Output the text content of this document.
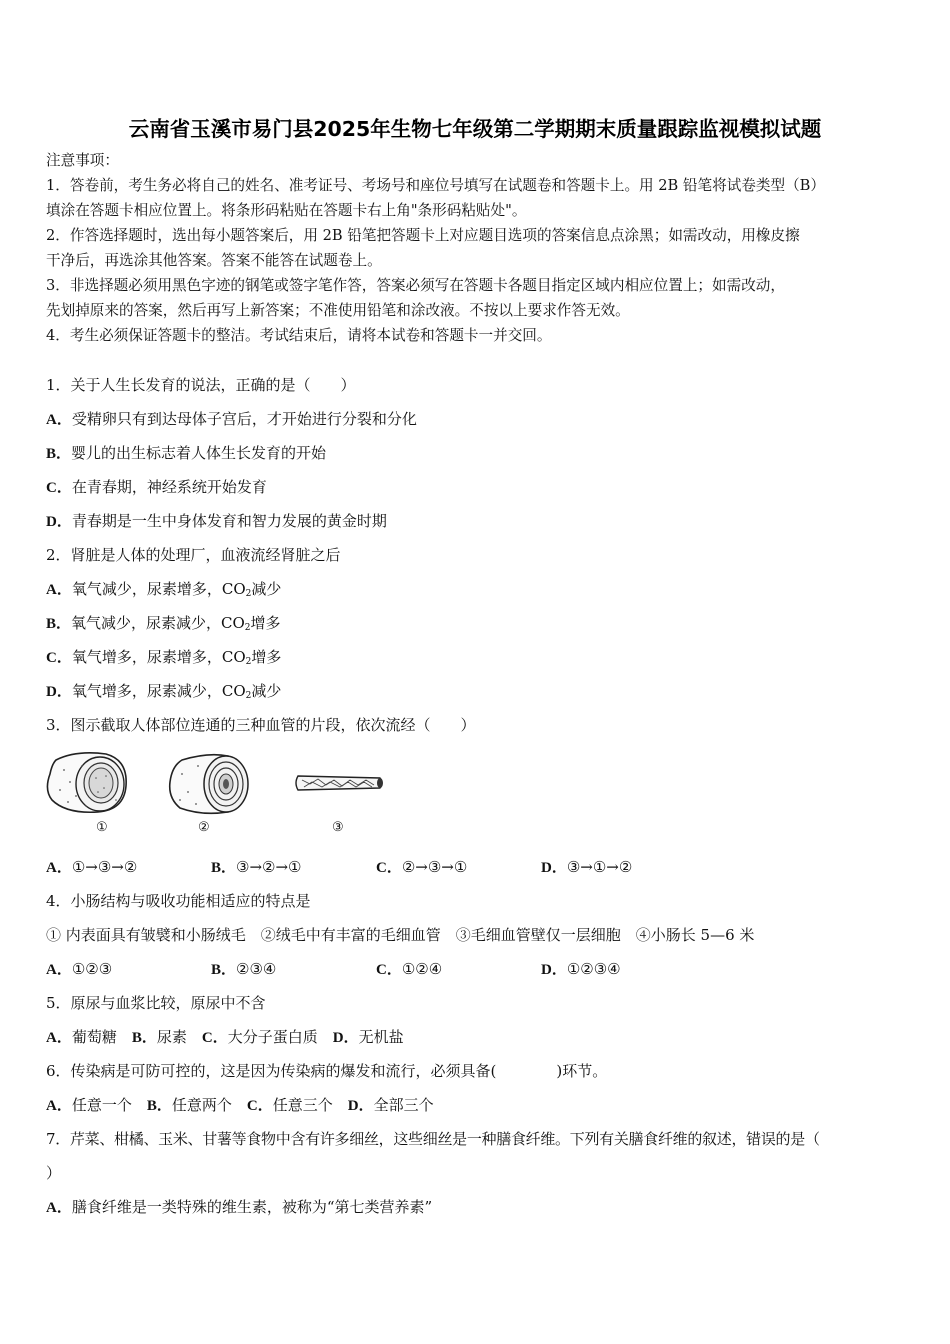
云南省玉溪市易门县2025年生物七年级第二学期期末质量跟踪监视模拟试题
注意事项：
1．答卷前，考生务必将自己的姓名、准考证号、考场号和座位号填写在试题卷和答题卡上。用 2B 铅笔将试卷类型（B）
填涂在答题卡相应位置上。将条形码粘贴在答题卡右上角"条形码粘贴处"。
2．作答选择题时，选出每小题答案后，用 2B 铅笔把答题卡上对应题目选项的答案信息点涂黑；如需改动，用橡皮擦
干净后，再选涂其他答案。答案不能答在试题卷上。
3．非选择题必须用黑色字迹的钢笔或签字笔作答，答案必须写在答题卡各题目指定区域内相应位置上；如需改动，
先划掉原来的答案，然后再写上新答案；不准使用铅笔和涂改液。不按以上要求作答无效。
4．考生必须保证答题卡的整洁。考试结束后，请将本试卷和答题卡一并交回。
1．关于人生长发育的说法，正确的是（　　）
A．受精卵只有到达母体子宫后，才开始进行分裂和分化
B．婴儿的出生标志着人体生长发育的开始
C．在青春期，神经系统开始发育
D．青春期是一生中身体发育和智力发展的黄金时期
2．肾脏是人体的处理厂，血液流经肾脏之后
A．氧气减少，尿素增多，$CO_2$减少
B．氧气减少，尿素减少，$CO_2$增多
C．氧气增多，尿素增多，$CO_2$增多
D．氧气增多，尿素减少，$CO_2$减少
3．图示截取人体部位连通的三种血管的片段，依次流经（　　）
①	②	③
A．①→③→②	B．③→②→①	C．②→③→①	D．③→①→②
4．小肠结构与吸收功能相适应的特点是
① 内表面具有皱襞和小肠绒毛　②绒毛中有丰富的毛细血管　③毛细血管壁仅一层细胞　④小肠长 5—6 米
A．①②③	B．②③④	C．①②④	D．①②③④
5．原尿与血浆比较，原尿中不含
A．葡萄糖  B．尿素  C．大分子蛋白质  D．无机盐
6．传染病是可防可控的，这是因为传染病的爆发和流行，必须具备(　　　　)环节。
A．任意一个  B．任意两个  C．任意三个  D．全部三个
7．芹菜、柑橘、玉米、甘薯等食物中含有许多细丝，这些细丝是一种膳食纤维。下列有关膳食纤维的叙述，错误的是（
）
A．膳食纤维是一类特殊的维生素，被称为“第七类营养素”
